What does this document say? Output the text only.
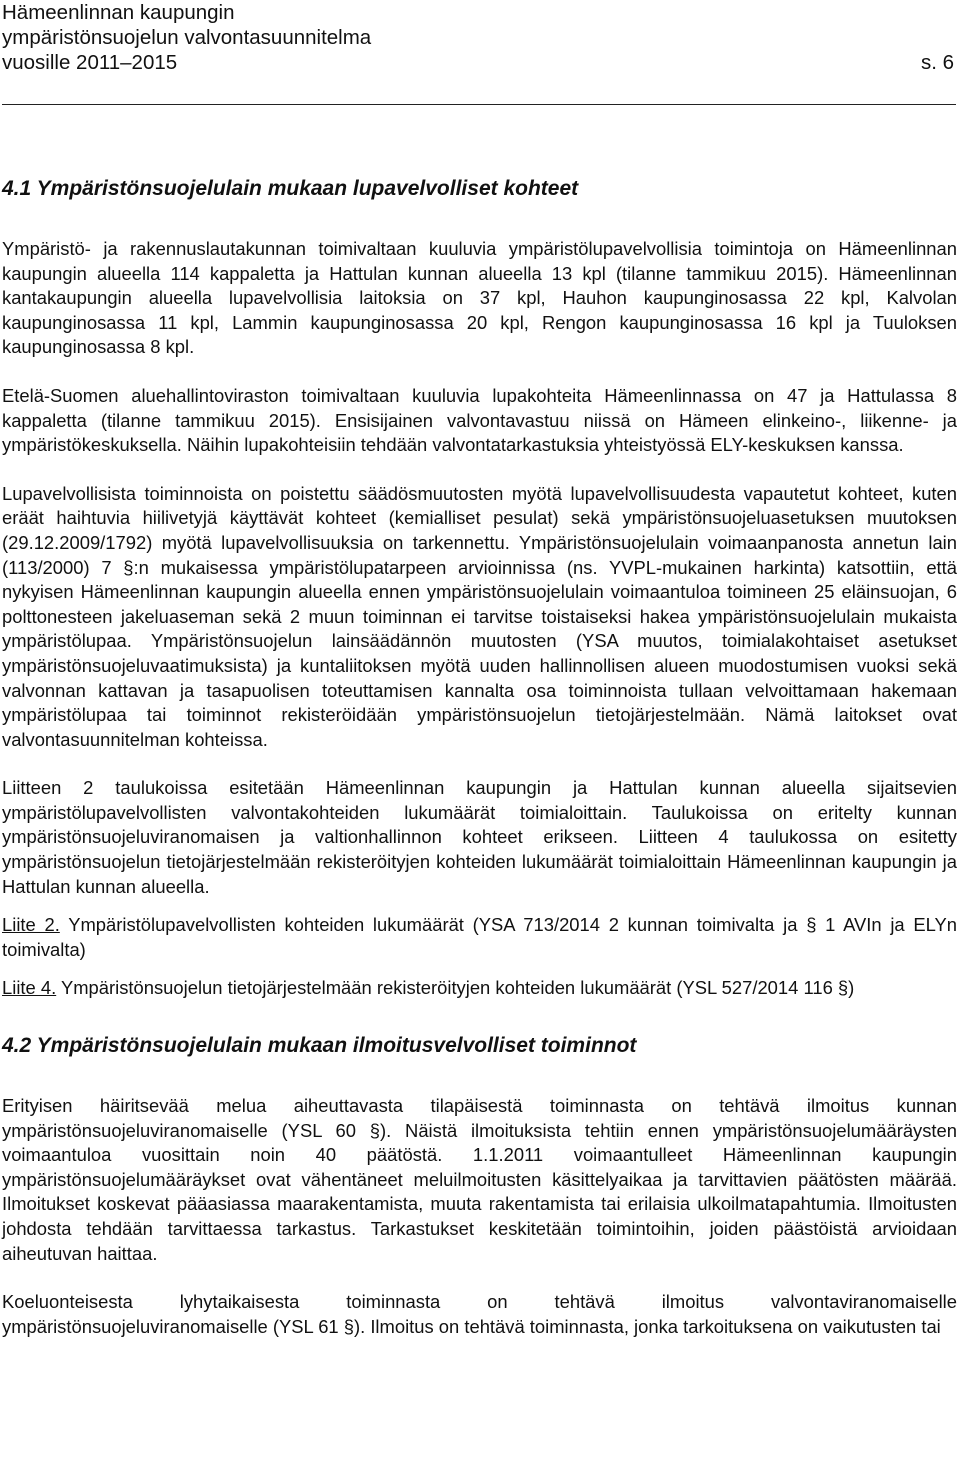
Hämeenlinnan kaupungin
ympäristönsuojelun valvontasuunnitelma
vuosille 2011–2015	s. 6
4.1 Ympäristönsuojelulain mukaan lupavelvolliset kohteet

Ympäristö- ja rakennuslautakunnan toimivaltaan kuuluvia ympäristölupavelvollisia toimintoja on Hämeenlinnan kaupungin alueella 114 kappaletta ja Hattulan kunnan alueella 13 kpl (tilanne tammikuu 2015). Hämeenlinnan kantakaupungin alueella lupavelvollisia laitoksia on 37 kpl, Hauhon kaupunginosassa 22 kpl, Kalvolan kaupunginosassa 11 kpl, Lammin kaupunginosassa 20 kpl, Rengon kaupunginosassa 16 kpl ja Tuuloksen kaupunginosassa 8 kpl.

Etelä-Suomen aluehallintoviraston toimivaltaan kuuluvia lupakohteita Hämeenlinnassa on 47 ja Hattulassa 8 kappaletta (tilanne tammikuu 2015). Ensisijainen valvontavastuu niissä on Hämeen elinkeino-, liikenne- ja ympäristökeskuksella. Näihin lupakohteisiin tehdään valvontatarkastuksia yhteistyössä ELY-keskuksen kanssa.

Lupavelvollisista toiminnoista on poistettu säädösmuutosten myötä lupavelvollisuudesta vapautetut kohteet, kuten eräät haihtuvia hiilivetyjä käyttävät kohteet (kemialliset pesulat) sekä ympäristönsuojeluasetuksen muutoksen (29.12.2009/1792) myötä lupavelvollisuuksia on tarkennettu. Ympäristönsuojelulain voimaanpanosta annetun lain (113/2000) 7 §:n mukaisessa ympäristölupatarpeen arvioinnissa (ns. YVPL-mukainen harkinta) katsottiin, että nykyisen Hämeenlinnan kaupungin alueella ennen ympäristönsuojelulain voimaantuloa toimineen 25 eläinsuojan, 6 polttonesteen jakeluaseman sekä 2 muun toiminnan ei tarvitse toistaiseksi hakea ympäristönsuojelulain mukaista ympäristölupaa. Ympäristönsuojelun lainsäädännön muutosten (YSA muutos, toimialakohtaiset asetukset ympäristönsuojeluvaatimuksista) ja kuntaliitoksen myötä uuden hallinnollisen alueen muodostumisen vuoksi sekä valvonnan kattavan ja tasapuolisen toteuttamisen kannalta osa toiminnoista tullaan velvoittamaan hakemaan ympäristölupaa tai toiminnot rekisteröidään ympäristönsuojelun tietojärjestelmään. Nämä laitokset ovat valvontasuunnitelman kohteissa.

Liitteen 2 taulukoissa esitetään Hämeenlinnan kaupungin ja Hattulan kunnan alueella sijaitsevien ympäristölupavelvollisten valvontakohteiden lukumäärät toimialoittain. Taulukoissa on eritelty kunnan ympäristönsuojeluviranomaisen ja valtionhallinnon kohteet erikseen. Liitteen 4 taulukossa on esitetty ympäristönsuojelun tietojärjestelmään rekisteröityjen kohteiden lukumäärät toimialoittain Hämeenlinnan kaupungin ja Hattulan kunnan alueella.

Liite 2. Ympäristölupavelvollisten kohteiden lukumäärät (YSA 713/2014 2 kunnan toimivalta ja § 1 AVIn ja ELYn toimivalta)

Liite 4. Ympäristönsuojelun tietojärjestelmään rekisteröityjen kohteiden lukumäärät (YSL 527/2014 116 §)

4.2 Ympäristönsuojelulain mukaan ilmoitusvelvolliset toiminnot

Erityisen häiritsevää melua aiheuttavasta tilapäisestä toiminnasta on tehtävä ilmoitus kunnan ympäristönsuojeluviranomaiselle (YSL 60 §). Näistä ilmoituksista tehtiin ennen ympäristönsuojelumääräysten voimaantuloa vuosittain noin 40 päätöstä. 1.1.2011 voimaantulleet Hämeenlinnan kaupungin ympäristönsuojelumääräykset ovat vähentäneet meluilmoitusten käsittelyaikaa ja tarvittavien päätösten määrää. Ilmoitukset koskevat pääasiassa maarakentamista, muuta rakentamista tai erilaisia ulkoilmatapahtumia. Ilmoitusten johdosta tehdään tarvittaessa tarkastus. Tarkastukset keskitetään toimintoihin, joiden päästöistä arvioidaan aiheutuvan haittaa.

Koeluonteisesta lyhytaikaisesta toiminnasta on tehtävä ilmoitus valvontaviranomaiselle ympäristönsuojeluviranomaiselle (YSL 61 §). Ilmoitus on tehtävä toiminnasta, jonka tarkoituksena on vaikutusten tai
